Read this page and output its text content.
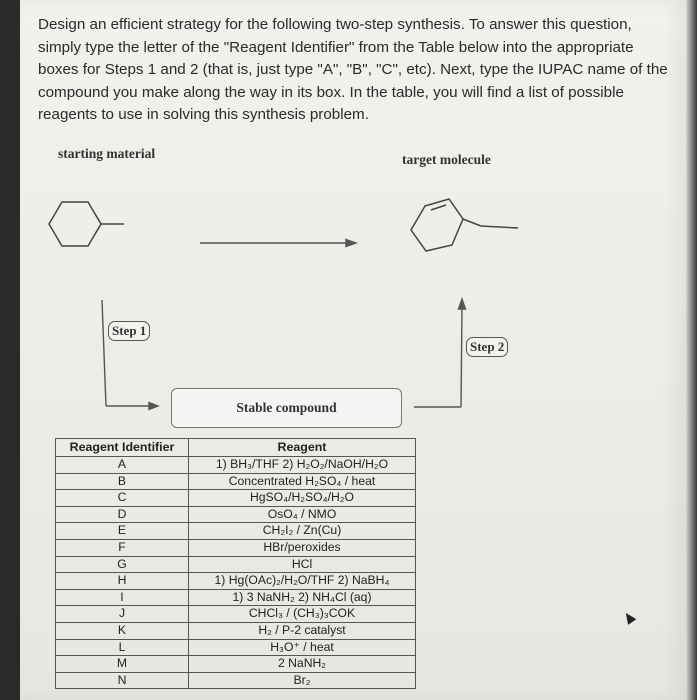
Design an efficient strategy for the following two-step synthesis. To answer this question, simply type the letter of the "Reagent Identifier" from the Table below into the appropriate boxes for Steps 1 and 2 (that is, just type "A", "B", "C", etc). Next, type the IUPAC name of the compound you make along the way in its box. In the table, you will find a list of possible reagents to use in solving this synthesis problem.
starting material	target molecule
Step 1
Step 2
Stable compound
Reagent Identifier	Reagent
A	1) BH₃/THF 2) H₂O₂/NaOH/H₂O
B	Concentrated H₂SO₄ / heat
C	HgSO₄/H₂SO₄/H₂O
D	OsO₄ / NMO
E	CH₂I₂ / Zn(Cu)
F	HBr/peroxides
G	HCl
H	1) Hg(OAc)₂/H₂O/THF 2) NaBH₄
I	1) 3 NaNH₂ 2) NH₄Cl (aq)
J	CHCl₃ / (CH₃)₃COK
K	H₂ / P-2 catalyst
L	H₃O⁺ / heat
M	2 NaNH₂
N	Br₂
